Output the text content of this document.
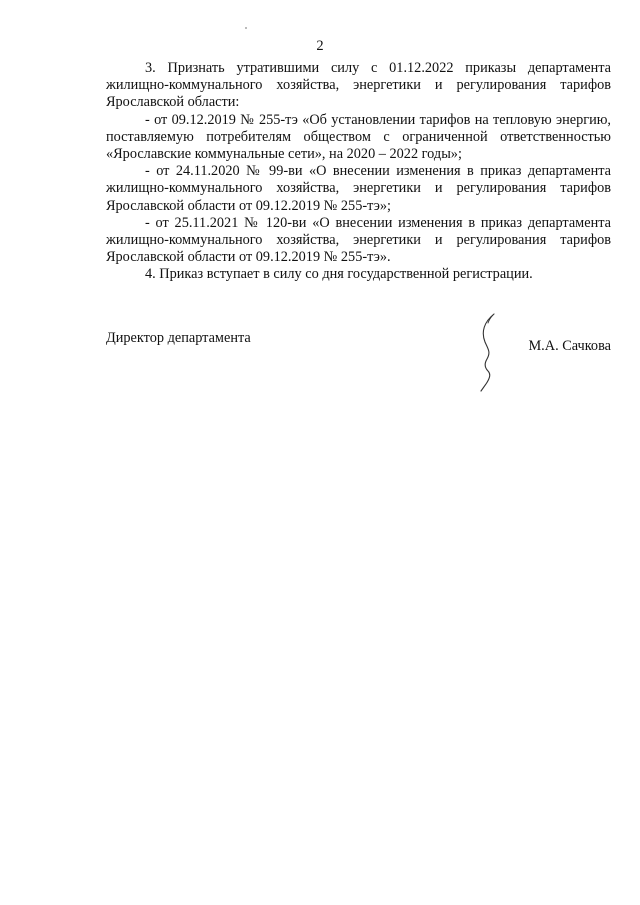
2

3. Признать утратившими силу с 01.12.2022 приказы департамента жилищно-коммунального хозяйства, энергетики и регулирования тарифов Ярославской области:

- от 09.12.2019 № 255-тэ «Об установлении тарифов на тепловую энергию, поставляемую потребителям обществом с ограниченной ответственностью «Ярославские коммунальные сети», на 2020 – 2022 годы»;

- от 24.11.2020 № 99-ви «О внесении изменения в приказ департамента жилищно-коммунального хозяйства, энергетики и регулирования тарифов Ярославской области от 09.12.2019 № 255-тэ»;

- от 25.11.2021 № 120-ви «О внесении изменения в приказ департамента жилищно-коммунального хозяйства, энергетики и регулирования тарифов Ярославской области от 09.12.2019 № 255-тэ».

4. Приказ вступает в силу со дня государственной регистрации.

Директор департамента	М.А. Сачкова
